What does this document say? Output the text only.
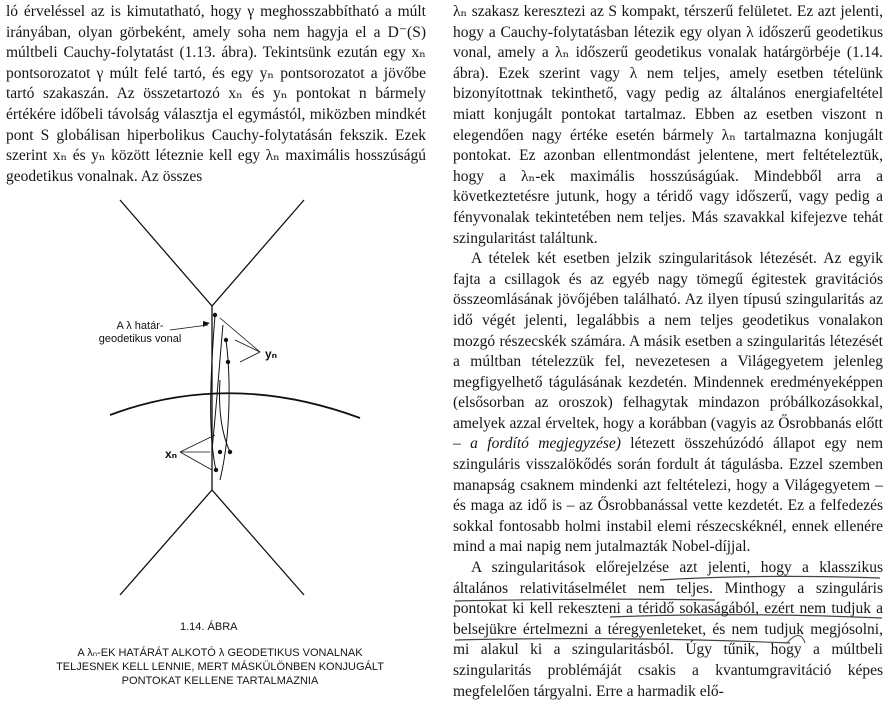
ló érveléssel az is kimutatható, hogy γ meghosszabbítható a múlt irányában, olyan görbeként, amely soha nem hagyja el a D⁻(S) múltbeli Cauchy-folytatást (1.13. ábra). Tekintsünk ezután egy xₙ pontsorozatot γ múlt felé tartó, és egy yₙ pontsorozatot a jövőbe tartó szakaszán. Az összetartozó xₙ és yₙ pontokat n bármely értékére időbeli távolság választja el egymástól, miközben mindkét pont S globálisan hiperbolikus Cauchy-folytatásán fekszik. Ezek szerint xₙ és yₙ között léteznie kell egy λₙ maximális hosszúságú geodetikus vonalnak. Az összes

A λ határ-geodetikus vonal
yₙ
xₙ
1.14. ÁBRA
A λₙ-EK HATÁRÁT ALKOTÓ λ GEODETIKUS VONALNAK TELJESNEK KELL LENNIE, MERT MÁSKÜLÖNBEN KONJUGÁLT PONTOKAT KELLENE TARTALMAZNIA

λₙ szakasz keresztezi az S kompakt, térszerű felületet. Ez azt jelenti, hogy a Cauchy-folytatásban létezik egy olyan λ időszerű geodetikus vonal, amely a λₙ időszerű geodetikus vonalak határgörbéje (1.14. ábra). Ezek szerint vagy λ nem teljes, amely esetben tételünk bizonyítottnak tekinthető, vagy pedig az általános energiafeltétel miatt konjugált pontokat tartalmaz. Ebben az esetben viszont n elegendően nagy értéke esetén bármely λₙ tartalmazna konjugált pontokat. Ez azonban ellentmondást jelentene, mert feltételeztük, hogy a λₙ-ek maximális hosszúságúak. Mindebből arra a következtetésre jutunk, hogy a téridő vagy időszerű, vagy pedig a fényvonalak tekintetében nem teljes. Más szavakkal kifejezve tehát szingularitást találtunk.

A tételek két esetben jelzik szingularitások létezését. Az egyik fajta a csillagok és az egyéb nagy tömegű égitestek gravitációs összeomlásának jövőjében található. Az ilyen típusú szingularitás az idő végét jelenti, legalábbis a nem teljes geodetikus vonalakon mozgó részecskék számára. A másik esetben a szingularitás létezését a múltban tételezzük fel, nevezetesen a Világegyetem jelenleg megfigyelhető tágulásának kezdetén. Mindennek eredményeképpen (elsősorban az oroszok) felhagytak mindazon próbálkozásokkal, amelyek azzal érveltek, hogy a korábban (vagyis az Ősrobbanás előtt – a fordító megjegyzése) létezett összehúzódó állapot egy nem szinguláris visszalökődés során fordult át tágulásba. Ezzel szemben manapság csaknem mindenki azt feltételezi, hogy a Világegyetem – és maga az idő is – az Ősrobbanással vette kezdetét. Ez a felfedezés sokkal fontosabb holmi instabil elemi részecskéknél, ennek ellenére mind a mai napig nem jutalmazták Nobel-díjjal.

A szingularitások előrejelzése azt jelenti, hogy a klasszikus általános relativitáselmélet nem teljes. Minthogy a szinguláris pontokat ki kell rekeszteni a téridő sokaságából, ezért nem tudjuk a belsejükre értelmezni a téregyenleteket, és nem tudjuk megjósolni, mi alakul ki a szingularitásból. Úgy tűnik, hogy a múltbeli szingularitás problémáját csakis a kvantumgravitáció képes megfelelően tárgyalni. Erre a harmadik elő-
